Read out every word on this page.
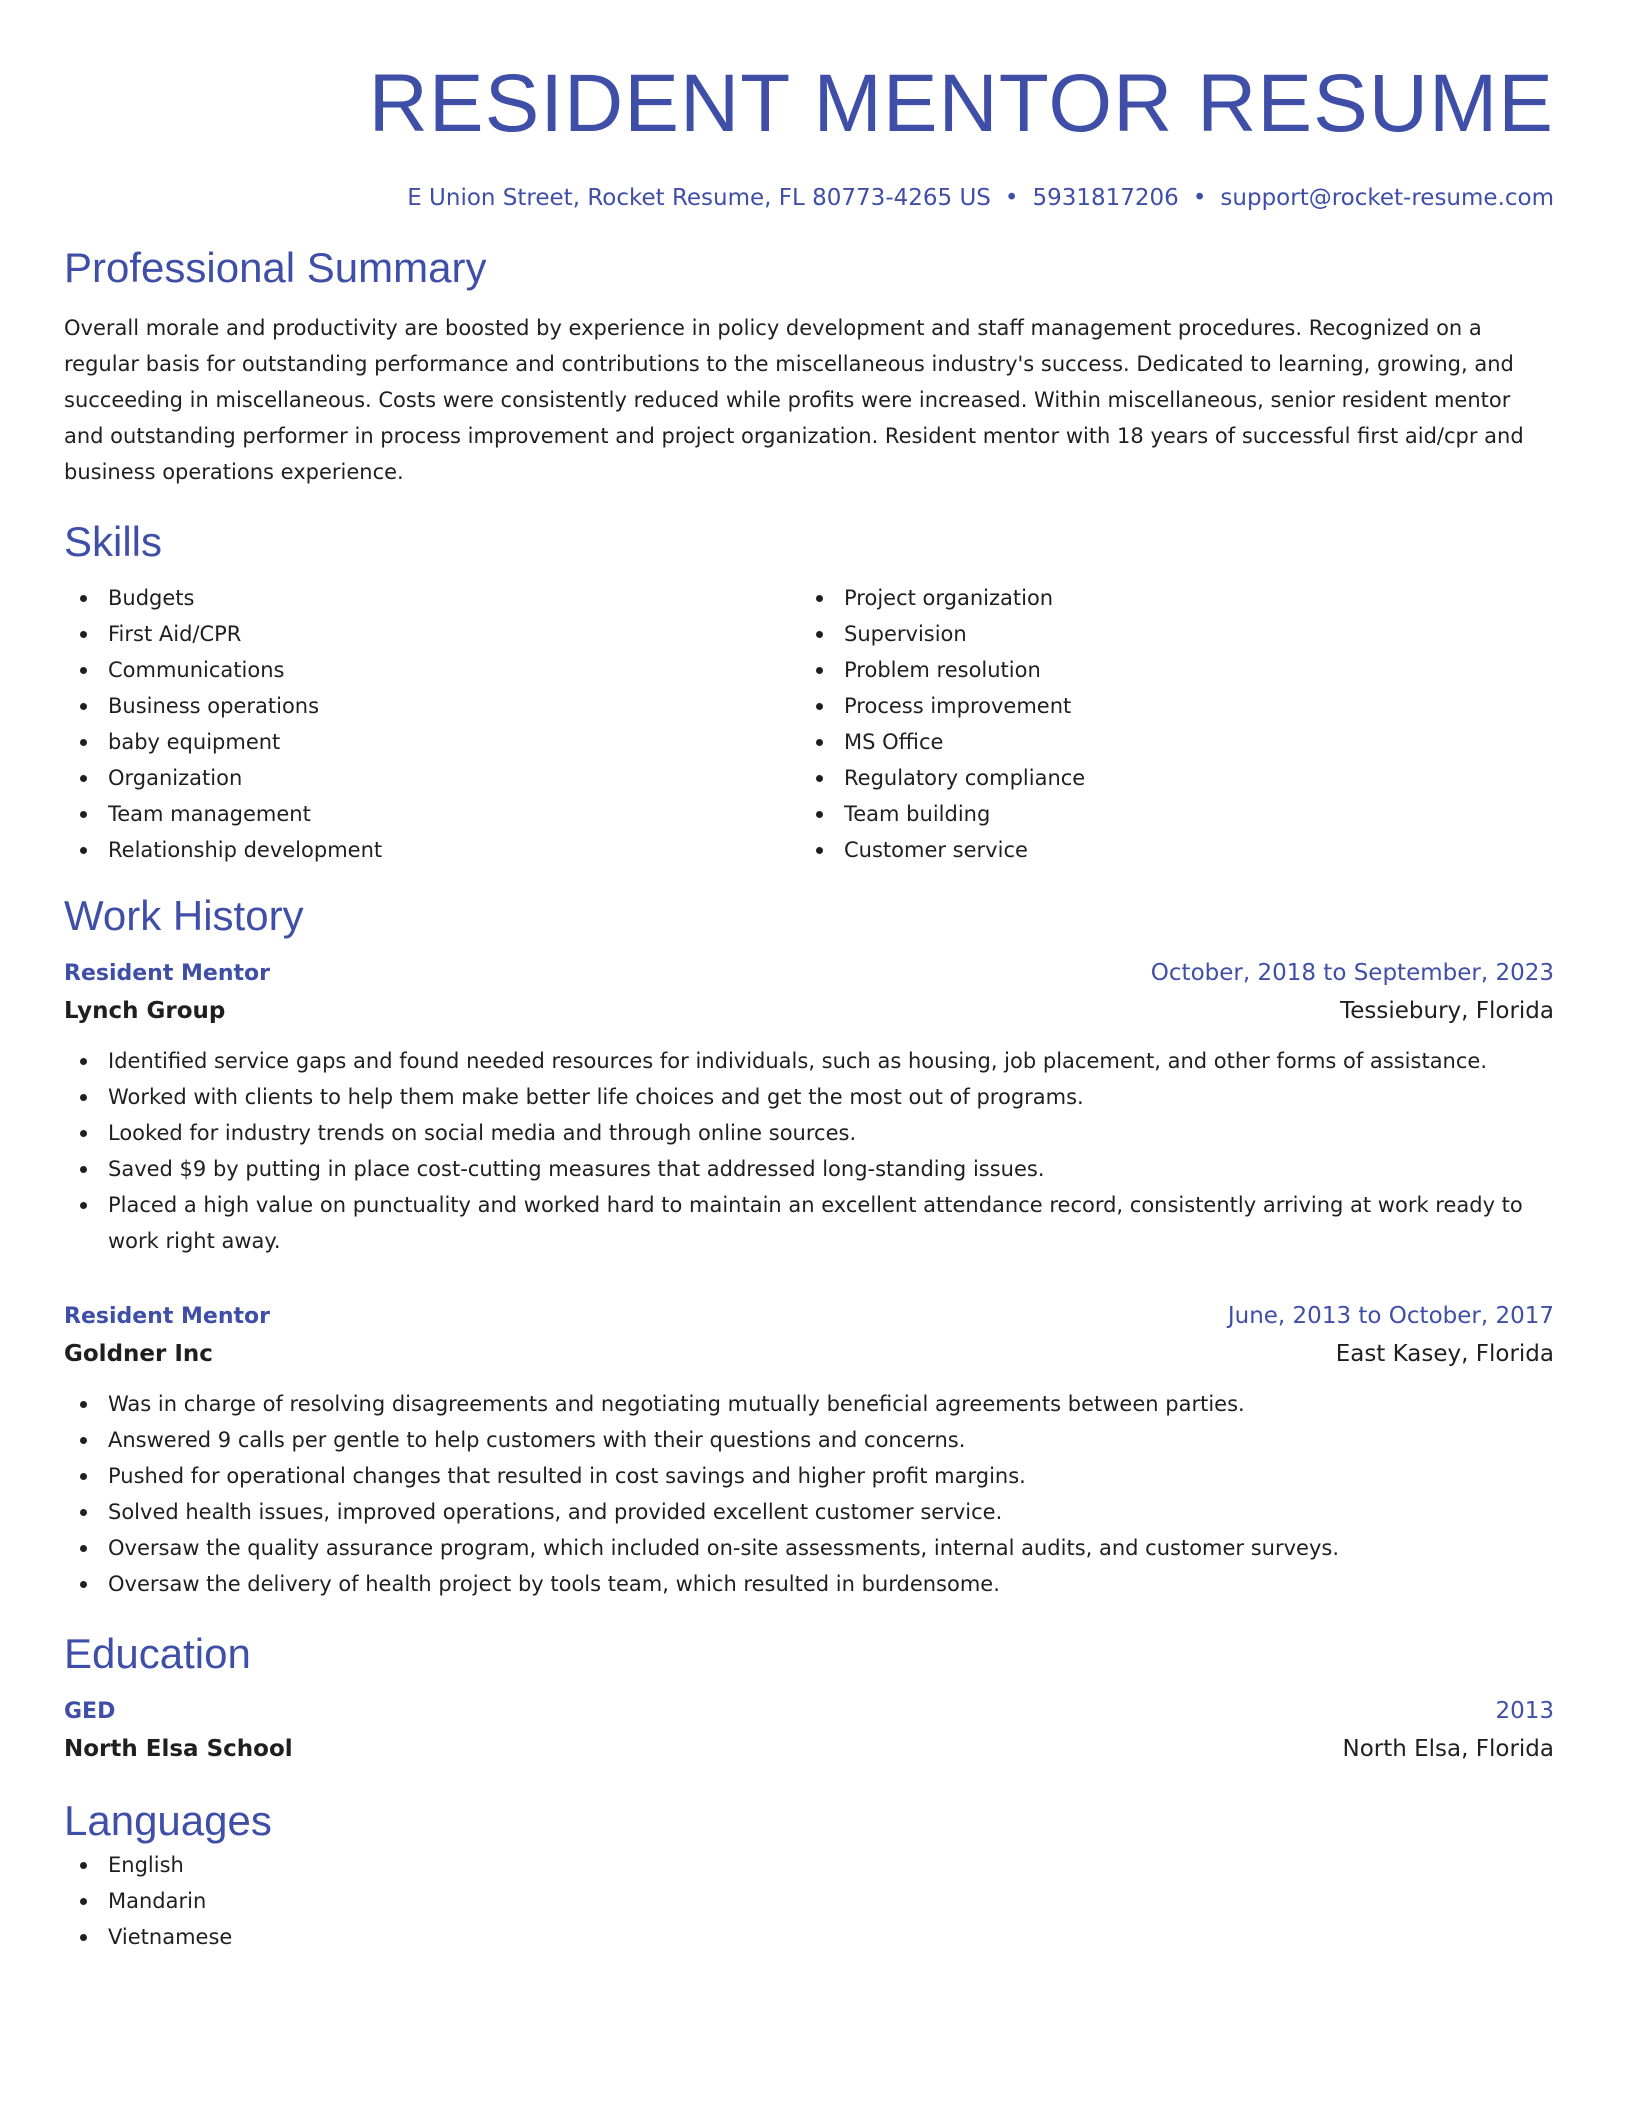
RESIDENT MENTOR RESUME
E Union Street, Rocket Resume, FL 80773-4265 US • 5931817206 • support@rocket-resume.com
Professional Summary
Overall morale and productivity are boosted by experience in policy development and staff management procedures. Recognized on a regular basis for outstanding performance and contributions to the miscellaneous industry's success. Dedicated to learning, growing, and succeeding in miscellaneous. Costs were consistently reduced while profits were increased. Within miscellaneous, senior resident mentor and outstanding performer in process improvement and project organization. Resident mentor with 18 years of successful first aid/cpr and business operations experience.
Skills
Budgets
First Aid/CPR
Communications
Business operations
baby equipment
Organization
Team management
Relationship development
Project organization
Supervision
Problem resolution
Process improvement
MS Office
Regulatory compliance
Team building
Customer service
Work History
Resident Mentor	October, 2018 to September, 2023
Lynch Group	Tessiebury, Florida
Identified service gaps and found needed resources for individuals, such as housing, job placement, and other forms of assistance.
Worked with clients to help them make better life choices and get the most out of programs.
Looked for industry trends on social media and through online sources.
Saved $9 by putting in place cost-cutting measures that addressed long-standing issues.
Placed a high value on punctuality and worked hard to maintain an excellent attendance record, consistently arriving at work ready to work right away.
Resident Mentor	June, 2013 to October, 2017
Goldner Inc	East Kasey, Florida
Was in charge of resolving disagreements and negotiating mutually beneficial agreements between parties.
Answered 9 calls per gentle to help customers with their questions and concerns.
Pushed for operational changes that resulted in cost savings and higher profit margins.
Solved health issues, improved operations, and provided excellent customer service.
Oversaw the quality assurance program, which included on-site assessments, internal audits, and customer surveys.
Oversaw the delivery of health project by tools team, which resulted in burdensome.
Education
GED	2013
North Elsa School	North Elsa, Florida
Languages
English
Mandarin
Vietnamese
